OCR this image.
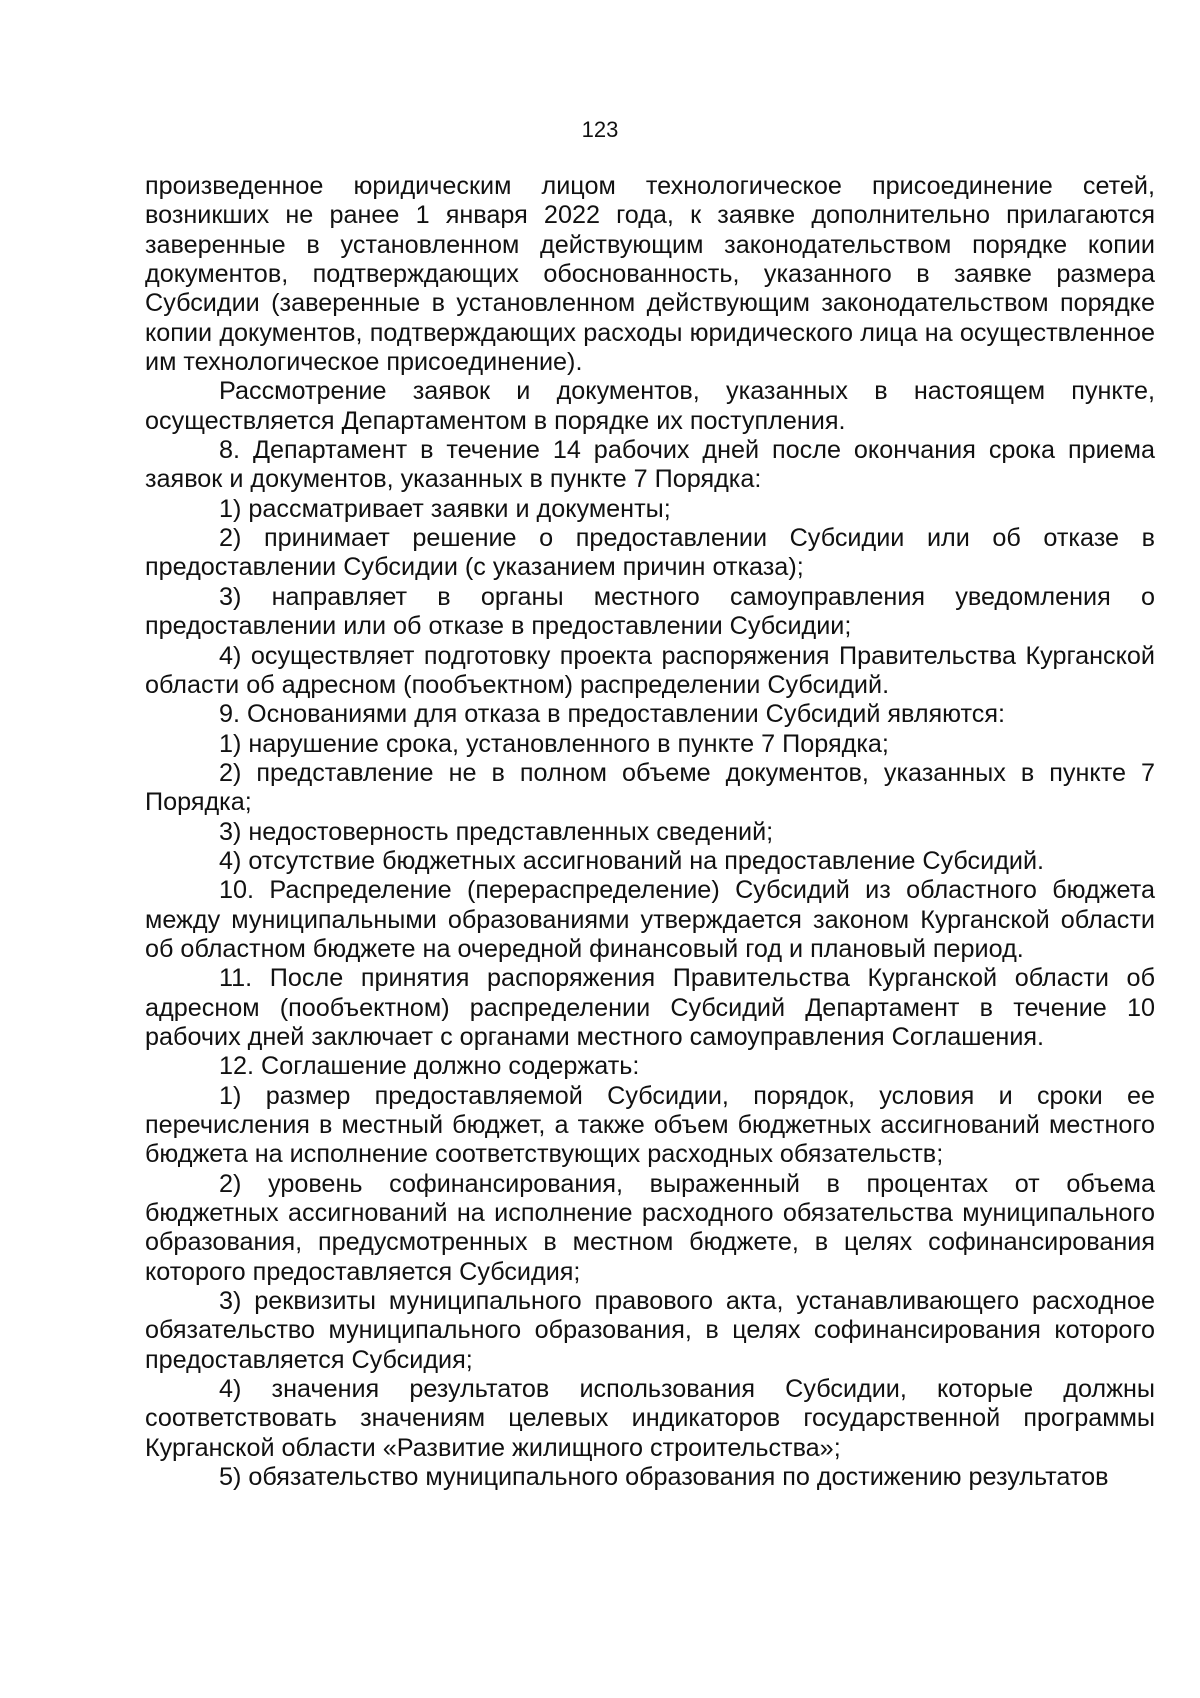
123

произведенное юридическим лицом технологическое присоединение сетей, возникших не ранее 1 января 2022 года, к заявке дополнительно прилагаются заверенные в установленном действующим законодательством порядке копии документов, подтверждающих обоснованность, указанного в заявке размера Субсидии (заверенные в установленном действующим законодательством порядке копии документов, подтверждающих расходы юридического лица на осуществленное им технологическое присоединение).

Рассмотрение заявок и документов, указанных в настоящем пункте, осуществляется Департаментом в порядке их поступления.

8. Департамент в течение 14 рабочих дней после окончания срока приема заявок и документов, указанных в пункте 7 Порядка:

1) рассматривает заявки и документы;

2) принимает решение о предоставлении Субсидии или об отказе в предоставлении Субсидии (с указанием причин отказа);

3) направляет в органы местного самоуправления уведомления о предоставлении или об отказе в предоставлении Субсидии;

4) осуществляет подготовку проекта распоряжения Правительства Курганской области об адресном (пообъектном) распределении Субсидий.

9. Основаниями для отказа в предоставлении Субсидий являются:

1) нарушение срока, установленного в пункте 7 Порядка;

2) представление не в полном объеме документов, указанных в пункте 7 Порядка;

3) недостоверность представленных сведений;

4) отсутствие бюджетных ассигнований на предоставление Субсидий.

10. Распределение (перераспределение) Субсидий из областного бюджета между муниципальными образованиями утверждается законом Курганской области об областном бюджете на очередной финансовый год и плановый период.

11. После принятия распоряжения Правительства Курганской области об адресном (пообъектном) распределении Субсидий Департамент в течение 10 рабочих дней заключает с органами местного самоуправления Соглашения.

12. Соглашение должно содержать:

1) размер предоставляемой Субсидии, порядок, условия и сроки ее перечисления в местный бюджет, а также объем бюджетных ассигнований местного бюджета на исполнение соответствующих расходных обязательств;

2) уровень софинансирования, выраженный в процентах от объема бюджетных ассигнований на исполнение расходного обязательства муниципального образования, предусмотренных в местном бюджете, в целях софинансирования которого предоставляется Субсидия;

3) реквизиты муниципального правового акта, устанавливающего расходное обязательство муниципального образования, в целях софинансирования которого предоставляется Субсидия;

4) значения результатов использования Субсидии, которые должны соответствовать значениям целевых индикаторов государственной программы Курганской области «Развитие жилищного строительства»;

5) обязательство муниципального образования по достижению результатов
